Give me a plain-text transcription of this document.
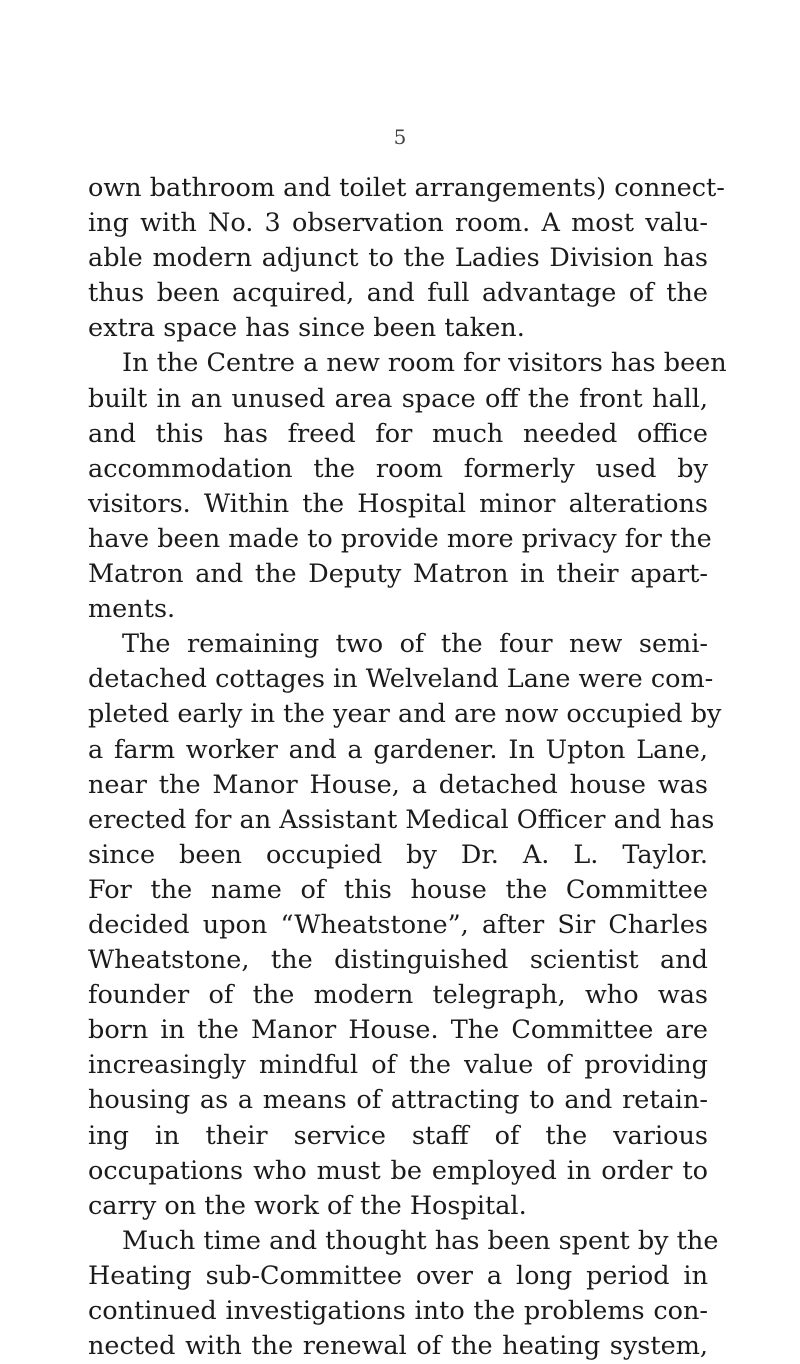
5
own bathroom and toilet arrangements) connect-
ing with No. 3 observation room. A most valu-
able modern adjunct to the Ladies Division has
thus been acquired, and full advantage of the
extra space has since been taken.
In the Centre a new room for visitors has been
built in an unused area space off the front hall,
and this has freed for much needed office
accommodation the room formerly used by
visitors. Within the Hospital minor alterations
have been made to provide more privacy for the
Matron and the Deputy Matron in their apart-
ments.
The remaining two of the four new semi-
detached cottages in Welveland Lane were com-
pleted early in the year and are now occupied by
a farm worker and a gardener. In Upton Lane,
near the Manor House, a detached house was
erected for an Assistant Medical Officer and has
since been occupied by Dr. A. L. Taylor.
For the name of this house the Committee
decided upon “Wheatstone”, after Sir Charles
Wheatstone, the distinguished scientist and
founder of the modern telegraph, who was
born in the Manor House. The Committee are
increasingly mindful of the value of providing
housing as a means of attracting to and retain-
ing in their service staff of the various
occupations who must be employed in order to
carry on the work of the Hospital.
Much time and thought has been spent by the
Heating sub-Committee over a long period in
continued investigations into the problems con-
nected with the renewal of the heating system,
